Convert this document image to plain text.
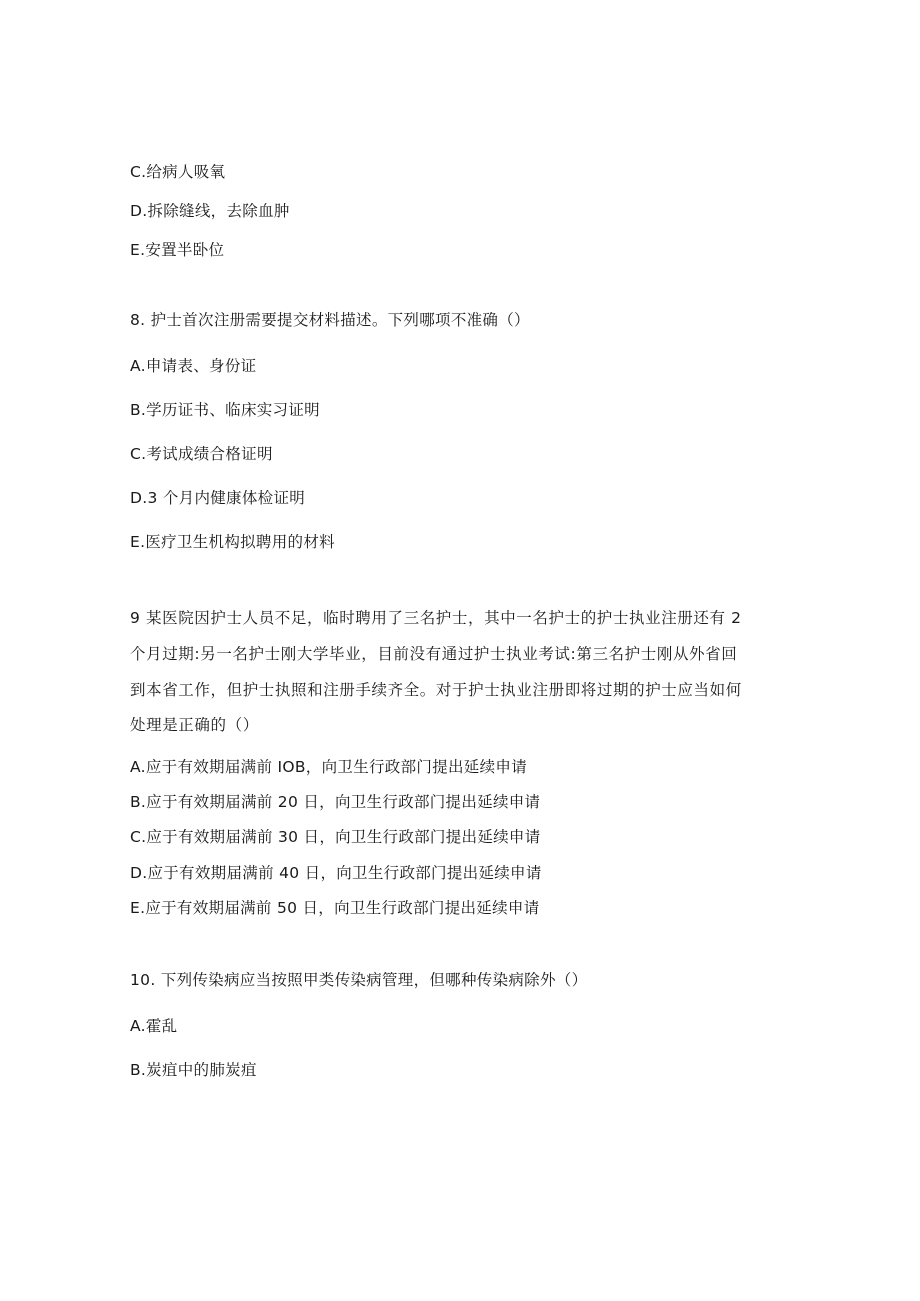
C.给病人吸氧
D.拆除缝线，去除血肿
E.安置半卧位
8. 护士首次注册需要提交材料描述。下列哪项不准确（）
A.申请表、身份证
B.学历证书、临床实习证明
C.考试成绩合格证明
D.3 个月内健康体检证明
E.医疗卫生机构拟聘用的材料
9 某医院因护士人员不足，临时聘用了三名护士，其中一名护士的护士执业注册还有 2
个月过期:另一名护士刚大学毕业，目前没有通过护士执业考试:第三名护士刚从外省回
到本省工作，但护士执照和注册手续齐全。对于护士执业注册即将过期的护士应当如何
处理是正确的（）
A.应于有效期届满前 IOB，向卫生行政部门提出延续申请
B.应于有效期届满前 20 日，向卫生行政部门提出延续申请
C.应于有效期届满前 30 日，向卫生行政部门提出延续申请
D.应于有效期届满前 40 日，向卫生行政部门提出延续申请
E.应于有效期届满前 50 日，向卫生行政部门提出延续申请
10. 下列传染病应当按照甲类传染病管理，但哪种传染病除外（）
A.霍乱
B.炭疽中的肺炭疽
